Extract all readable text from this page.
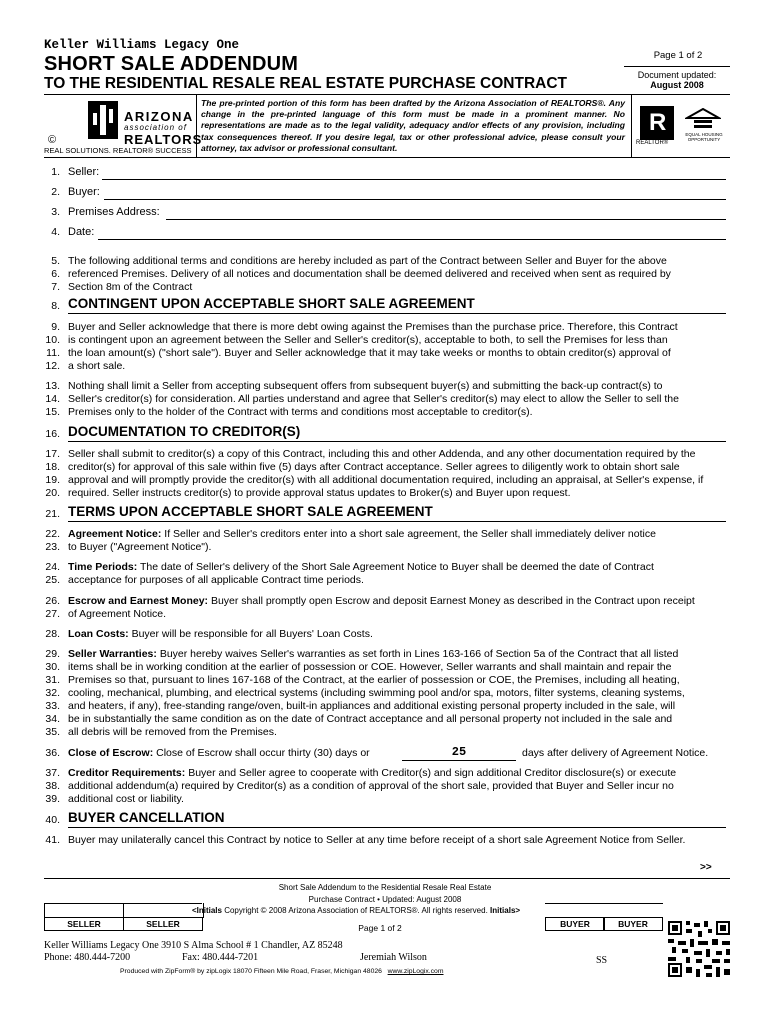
Keller Williams Legacy One
SHORT SALE ADDENDUM
TO THE RESIDENTIAL RESALE REAL ESTATE PURCHASE CONTRACT
Page 1 of 2
Document updated:
August 2008
ARIZONA
association of
REALTORS
©
REAL SOLUTIONS. REALTOR® SUCCESS
The pre-printed portion of this form has been drafted by the Arizona Association of REALTORS®. Any change in the pre-printed language of this form must be made in a prominent manner. No representations are made as to the legal validity, adequacy and/or effects of any provision, including tax consequences thereof. If you desire legal, tax or other professional advice, please consult your attorney, tax advisor or professional consultant.
R
REALTOR®
EQUAL HOUSING OPPORTUNITY
1. Seller:
2. Buyer:
3. Premises Address:
4. Date:
5. The following additional terms and conditions are hereby included as part of the Contract between Seller and Buyer for the above
6. referenced Premises. Delivery of all notices and documentation shall be deemed delivered and received when sent as required by
7. Section 8m of the Contract
8. CONTINGENT UPON ACCEPTABLE SHORT SALE AGREEMENT
9. Buyer and Seller acknowledge that there is more debt owing against the Premises than the purchase price. Therefore, this Contract
10. is contingent upon an agreement between the Seller and Seller's creditor(s), acceptable to both, to sell the Premises for less than
11. the loan amount(s) ("short sale"). Buyer and Seller acknowledge that it may take weeks or months to obtain creditor(s) approval of
12. a short sale.
13. Nothing shall limit a Seller from accepting subsequent offers from subsequent buyer(s) and submitting the back-up contract(s) to
14. Seller's creditor(s) for consideration. All parties understand and agree that Seller's creditor(s) may elect to allow the Seller to sell the
15. Premises only to the holder of the Contract with terms and conditions most acceptable to creditor(s).
16. DOCUMENTATION TO CREDITOR(S)
17. Seller shall submit to creditor(s) a copy of this Contract, including this and other Addenda, and any other documentation required by the
18. creditor(s) for approval of this sale within five (5) days after Contract acceptance. Seller agrees to diligently work to obtain short sale
19. approval and will promptly provide the creditor(s) with all additional documentation required, including an appraisal, at Seller's expense, if
20. required. Seller instructs creditor(s) to provide approval status updates to Broker(s) and Buyer upon request.
21. TERMS UPON ACCEPTABLE SHORT SALE AGREEMENT
22. Agreement Notice: If Seller and Seller's creditors enter into a short sale agreement, the Seller shall immediately deliver notice
23. to Buyer ("Agreement Notice").
24. Time Periods: The date of Seller's delivery of the Short Sale Agreement Notice to Buyer shall be deemed the date of Contract
25. acceptance for purposes of all applicable Contract time periods.
26. Escrow and Earnest Money: Buyer shall promptly open Escrow and deposit Earnest Money as described in the Contract upon receipt
27. of Agreement Notice.
28. Loan Costs: Buyer will be responsible for all Buyers' Loan Costs.
29. Seller Warranties: Buyer hereby waives Seller's warranties as set forth in Lines 163-166 of Section 5a of the Contract that all listed
30. items shall be in working condition at the earlier of possession or COE. However, Seller warrants and shall maintain and repair the
31. Premises so that, pursuant to lines 167-168 of the Contract, at the earlier of possession or COE, the Premises, including all heating,
32. cooling, mechanical, plumbing, and electrical systems (including swimming pool and/or spa, motors, filter systems, cleaning systems,
33. and heaters, if any), free-standing range/oven, built-in appliances and additional existing personal property included in the sale, will
34. be in substantially the same condition as on the date of Contract acceptance and all personal property not included in the sale and
35. all debris will be removed from the Premises.
36. Close of Escrow: Close of Escrow shall occur thirty (30) days or	25	days after delivery of Agreement Notice.
37. Creditor Requirements: Buyer and Seller agree to cooperate with Creditor(s) and sign additional Creditor disclosure(s) or execute
38. additional addendum(a) required by Creditor(s) as a condition of approval of the short sale, provided that Buyer and Seller incur no
39. additional cost or liability.
40. BUYER CANCELLATION
41. Buyer may unilaterally cancel this Contract by notice to Seller at any time before receipt of a short sale Agreement Notice from Seller.
>>
Short Sale Addendum to the Residential Resale Real Estate
Purchase Contract • Updated: August 2008
<Initials Copyright © 2008 Arizona Association of REALTORS®. All rights reserved. Initials>
SELLER	SELLER	BUYER	BUYER
Page 1 of 2
Keller Williams Legacy One 3910 S Alma School # 1 Chandler, AZ 85248
Phone: 480.444-7200	Fax: 480.444-7201	Jeremiah Wilson	SS
Produced with ZipForm® by zipLogix 18070 Fifteen Mile Road, Fraser, Michigan 48026 www.zipLogix.com
